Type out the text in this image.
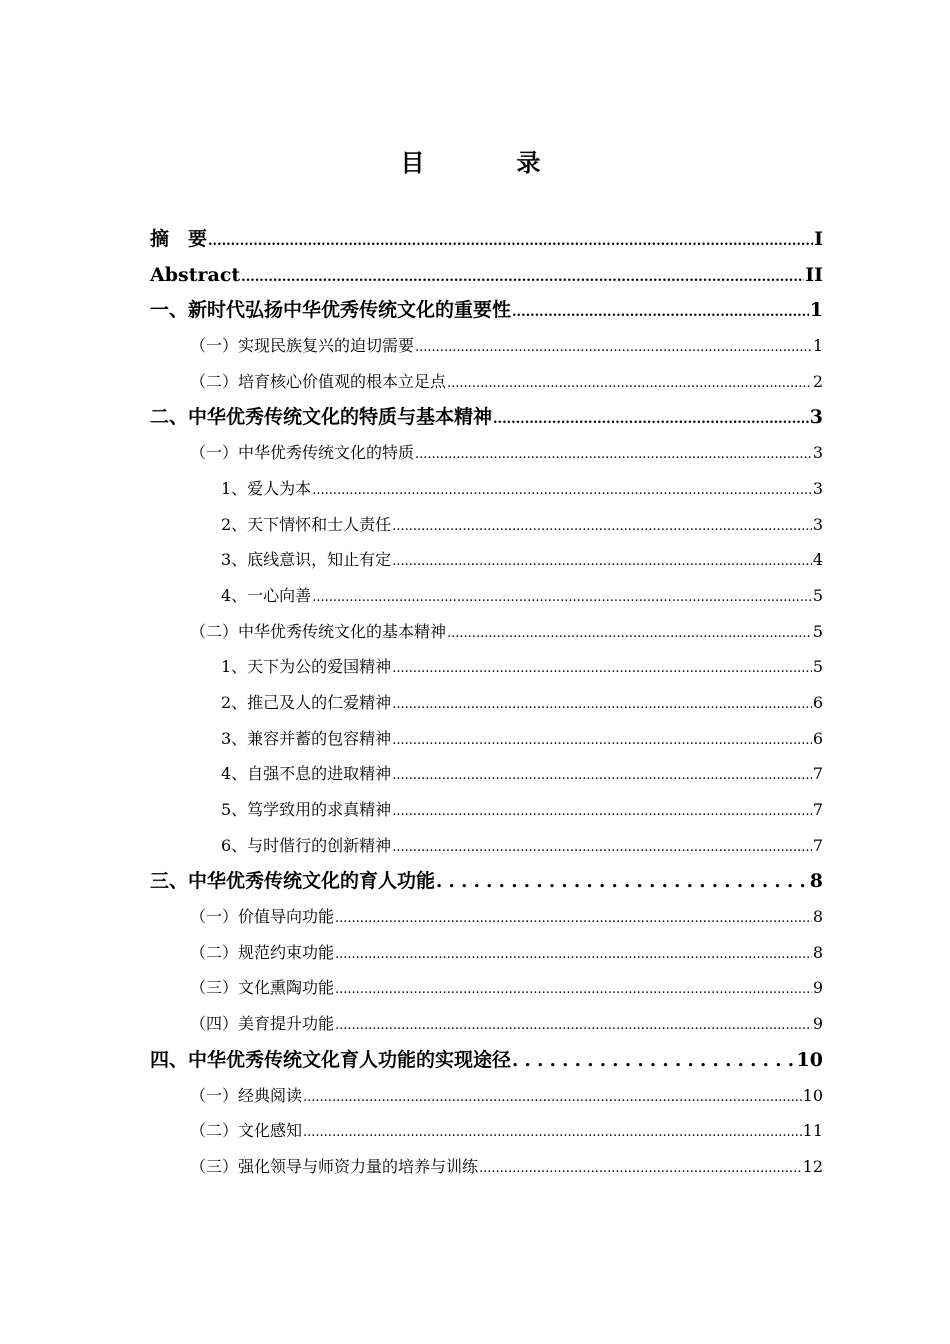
目　录
摘　要 .....	I
Abstract .....	II
一、新时代弘扬中华优秀传统文化的重要性 .....	1
（一）实现民族复兴的迫切需要 .....	1
（二）培育核心价值观的根本立足点 .....	2
二、中华优秀传统文化的特质与基本精神 .....	3
（一）中华优秀传统文化的特质 .....	3
1、爱人为本 .....	3
2、天下情怀和士人责任 .....	3
3、底线意识，知止有定 .....	4
4、一心向善 .....	5
（二）中华优秀传统文化的基本精神 .....	5
1、天下为公的爱国精神 .....	5
2、推己及人的仁爱精神 .....	6
3、兼容并蓄的包容精神 .....	6
4、自强不息的进取精神 .....	7
5、笃学致用的求真精神 .....	7
6、与时偕行的创新精神 .....	7
三、中华优秀传统文化的育人功能 . . .	8
（一）价值导向功能 .....	8
（二）规范约束功能 .....	8
（三）文化熏陶功能 .....	9
（四）美育提升功能 .....	9
四、中华优秀传统文化育人功能的实现途径 . . .	10
（一）经典阅读 .....	10
（二）文化感知 .....	11
（三）强化领导与师资力量的培养与训练 .....	12
